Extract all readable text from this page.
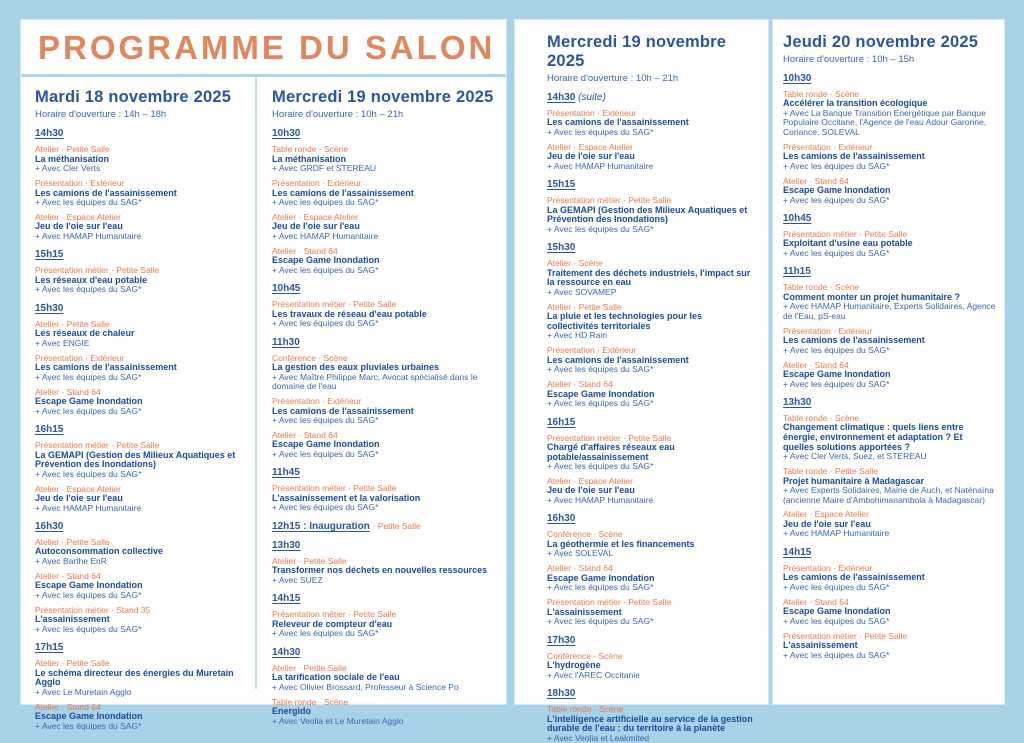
PROGRAMME DU SALON
Mardi 18 novembre 2025
Horaire d'ouverture : 14h – 18h
14h30
Atelier · Petite Salle
La méthanisation
+ Avec Cler Verts
Présentation · Extérieur
Les camions de l'assainissement
+ Avec les équipes du SAG*
Atelier · Espace Atelier
Jeu de l'oie sur l'eau
+ Avec HAMAP Humanitaire
15h15
Présentation métier · Petite Salle
Les réseaux d'eau potable
+ Avec les équipes du SAG*
15h30
Atelier · Petite Salle
Les réseaux de chaleur
+ Avec ENGIE
Présentation · Extérieur
Les camions de l'assainissement
+ Avec les équipes du SAG*
Atelier · Stand 64
Escape Game Inondation
+ Avec les équipes du SAG*
16h15
Présentation métier · Petite Salle
La GEMAPI (Gestion des Milieux Aquatiques et Prévention des Inondations)
+ Avec les équipes du SAG*
Atelier · Espace Atelier
Jeu de l'oie sur l'eau
+ Avec HAMAP Humanitaire
16h30
Atelier · Petite Salle
Autoconsommation collective
+ Avec Barthe EnR
Atelier · Stand 64
Escape Game Inondation
+ Avec les équipes du SAG*
Présentation métier · Stand 35
L'assainissement
+ Avec les équipes du SAG*
17h15
Atelier · Petite Salle
Le schéma directeur des énergies du Muretain Agglo
+ Avec Le Muretain Agglo
Atelier · Stand 64
Escape Game Inondation
+ Avec les équipes du SAG*
Mercredi 19 novembre 2025
Horaire d'ouverture : 10h – 21h
10h30
Table ronde · Scène
La méthanisation
+ Avec GRDF et STEREAU
Présentation · Extérieur
Les camions de l'assainissement
+ Avec les équipes du SAG*
Atelier · Espace Atelier
Jeu de l'oie sur l'eau
+ Avec HAMAP Humanitaire
Atelier · Stand 64
Escape Game Inondation
+ Avec les équipes du SAG*
10h45
Présentation métier · Petite Salle
Les travaux de réseau d'eau potable
+ Avec les équipes du SAG*
11h30
Conférence · Scène
La gestion des eaux pluviales urbaines
+ Avec Maître Philippe Marc, Avocat spécialisé dans le domaine de l'eau
Présentation · Extérieur
Les camions de l'assainissement
+ Avec les équipes du SAG*
Atelier · Stand 64
Escape Game Inondation
+ Avec les équipes du SAG*
11h45
Présentation métier · Petite Salle
L'assainissement et la valorisation
+ Avec les équipes du SAG*
12h15 : Inauguration · Petite Salle
13h30
Atelier · Petite Salle
Transformer nos déchets en nouvelles ressources
+ Avec SUEZ
14h15
Présentation métier · Petite Salle
Releveur de compteur d'eau
+ Avec les équipes du SAG*
14h30
Atelier · Petite Salle
La tarification sociale de l'eau
+ Avec Olivier Brossard, Professeur à Science Po
Table ronde · Scène
Energido
+ Avec Veolia et Le Muretain Agglo
Mercredi 19 novembre 2025
Horaire d'ouverture : 10h – 21h
14h30 (suite)
Présentation · Extérieur
Les camions de l'assainissement
+ Avec les équipes du SAG*
Atelier · Espace Atelier
Jeu de l'oie sur l'eau
+ Avec HAMAP Humanitaire
15h15
Présentation métier · Petite Salle
La GEMAPI (Gestion des Milieux Aquatiques et Prévention des Inondations)
+ Avec les équipes du SAG*
15h30
Atelier · Scène
Traitement des déchets industriels, l'impact sur la ressource en eau
+ Avec SOVAMEP
Atelier · Petite Salle
La pluie et les technologies pour les collectivités territoriales
+ Avec HD Rain
Présentation · Extérieur
Les camions de l'assainissement
+ Avec les équipes du SAG*
Atelier · Stand 64
Escape Game Inondation
+ Avec les équipes du SAG*
16h15
Présentation métier · Petite Salle
Chargé d'affaires réseaux eau potable/assainissement
+ Avec les équipes du SAG*
Atelier · Espace Atelier
Jeu de l'oie sur l'eau
+ Avec HAMAP Humanitaire
16h30
Conférence · Scène
La géothermie et les financements
+ Avec SOLEVAL
Atelier · Stand 64
Escape Game Inondation
+ Avec les équipes du SAG*
Présentation métier · Petite Salle
L'assainissement
+ Avec les équipes du SAG*
17h30
Conférence · Scène
L'hydrogène
+ Avec l'AREC Occitanie
18h30
Table ronde · Scène
L'intelligence artificielle au service de la gestion durable de l'eau : du territoire à la planète
+ Avec Veolia et Leakmited
Jeudi 20 novembre 2025
Horaire d'ouverture : 10h – 15h
10h30
Table ronde · Scène
Accélérer la transition écologique
+ Avec La Banque Transition Energétique par Banque Populaire Occitane, l'Agence de l'eau Adour Garonne, Coriance, SOLEVAL
Présentation · Extérieur
Les camions de l'assainissement
+ Avec les équipes du SAG*
Atelier · Stand 64
Escape Game Inondation
+ Avec les équipes du SAG*
10h45
Présentation métier · Petite Salle
Exploitant d'usine eau potable
+ Avec les équipes du SAG*
11h15
Table ronde · Scène
Comment monter un projet humanitaire ?
+ Avec HAMAP Humanitaire, Experts Solidaires, Agence de l'Eau, pS-eau
Présentation · Extérieur
Les camions de l'assainissement
+ Avec les équipes du SAG*
Atelier · Stand 64
Escape Game Inondation
+ Avec les équipes du SAG*
13h30
Table ronde · Scène
Changement climatique : quels liens entre énergie, environnement et adaptation ? Et quelles solutions apportées ?
+ Avec Cler Verts, Suez, et STEREAU
Table ronde · Petite Salle
Projet humanitaire à Madagascar
+ Avec Experts Solidaires, Mairie de Auch, et Natènaïna (ancienne Maire d'Ambohimanambola à Madagascar)
Atelier · Espace Atelier
Jeu de l'oie sur l'eau
+ Avec HAMAP Humanitaire
14h15
Présentation · Extérieur
Les camions de l'assainissement
+ Avec les équipes du SAG*
Atelier · Stand 64
Escape Game Inondation
+ Avec les équipes du SAG*
Présentation métier · Petite Salle
L'assainissement
+ Avec les équipes du SAG*
